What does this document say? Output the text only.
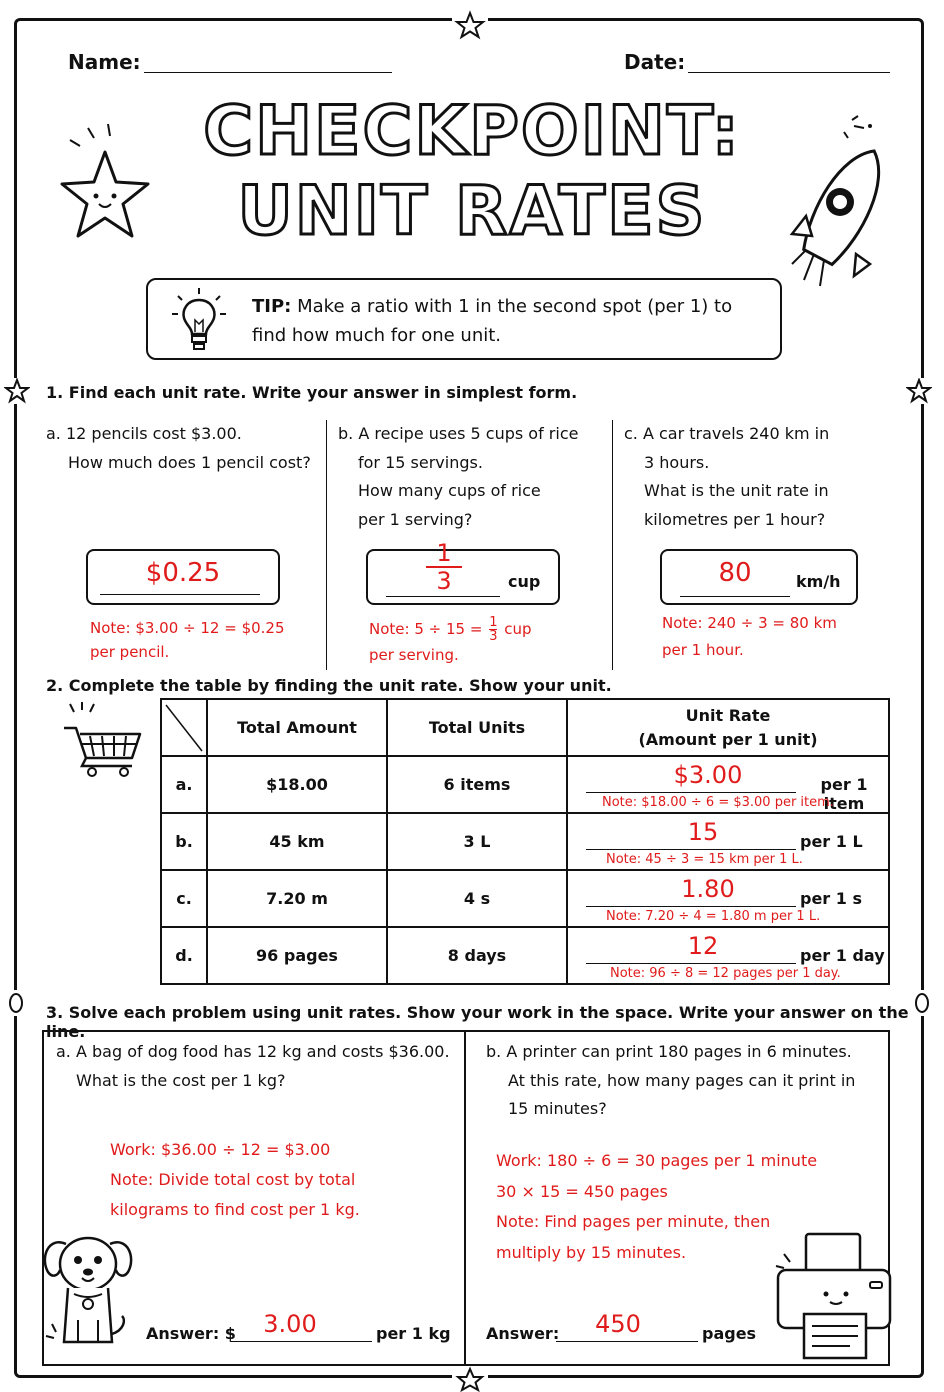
Name:	Date:
CHECKPOINT:
UNIT RATES
TIP: Make a ratio with 1 in the second spot (per 1) to
find how much for one unit.
1. Find each unit rate. Write your answer in simplest form.
a. 12 pencils cost $3.00.
How much does 1 pencil cost?
$0.25
Note: $3.00 ÷ 12 = $0.25
per pencil.
b. A recipe uses 5 cups of rice
for 15 servings.
How many cups of rice
per 1 serving?
$\frac{1}{3}$	cup
Note: $5 \div 15 = \frac{1}{3}$ cup
per serving.
c. A car travels 240 km in
3 hours.
What is the unit rate in
kilometres per 1 hour?
80	km/h
Note: 240 ÷ 3 = 80 km
per 1 hour.
2. Complete the table by finding the unit rate. Show your unit.
	Total Amount	Total Units	Unit Rate
(Amount per 1 unit)

a.	$18.00	6 items	$3.00 per 1 item
Note: $18.00 ÷ 6 = $3.00 per item.

b.	45 km	3 L	15 per 1 L
Note: 45 ÷ 3 = 15 km per 1 L.

c.	7.20 m	4 s	1.80 per 1 s
Note: 7.20 ÷ 4 = 1.80 m per 1 L.

d.	96 pages	8 days	12 per 1 day
Note: 96 ÷ 8 = 12 pages per 1 day.
3. Solve each problem using unit rates. Show your work in the space. Write your answer on the line.
a. A bag of dog food has 12 kg and costs $36.00.
What is the cost per 1 kg?
Work: $36.00 ÷ 12 = $3.00
Note: Divide total cost by total
kilograms to find cost per 1 kg.
Answer: $	3.00	per 1 kg
b. A printer can print 180 pages in 6 minutes.
At this rate, how many pages can it print in
15 minutes?
Work: 180 ÷ 6 = 30 pages per 1 minute
30 × 15 = 450 pages
Note: Find pages per minute, then
multiply by 15 minutes.
Answer:	450	pages
